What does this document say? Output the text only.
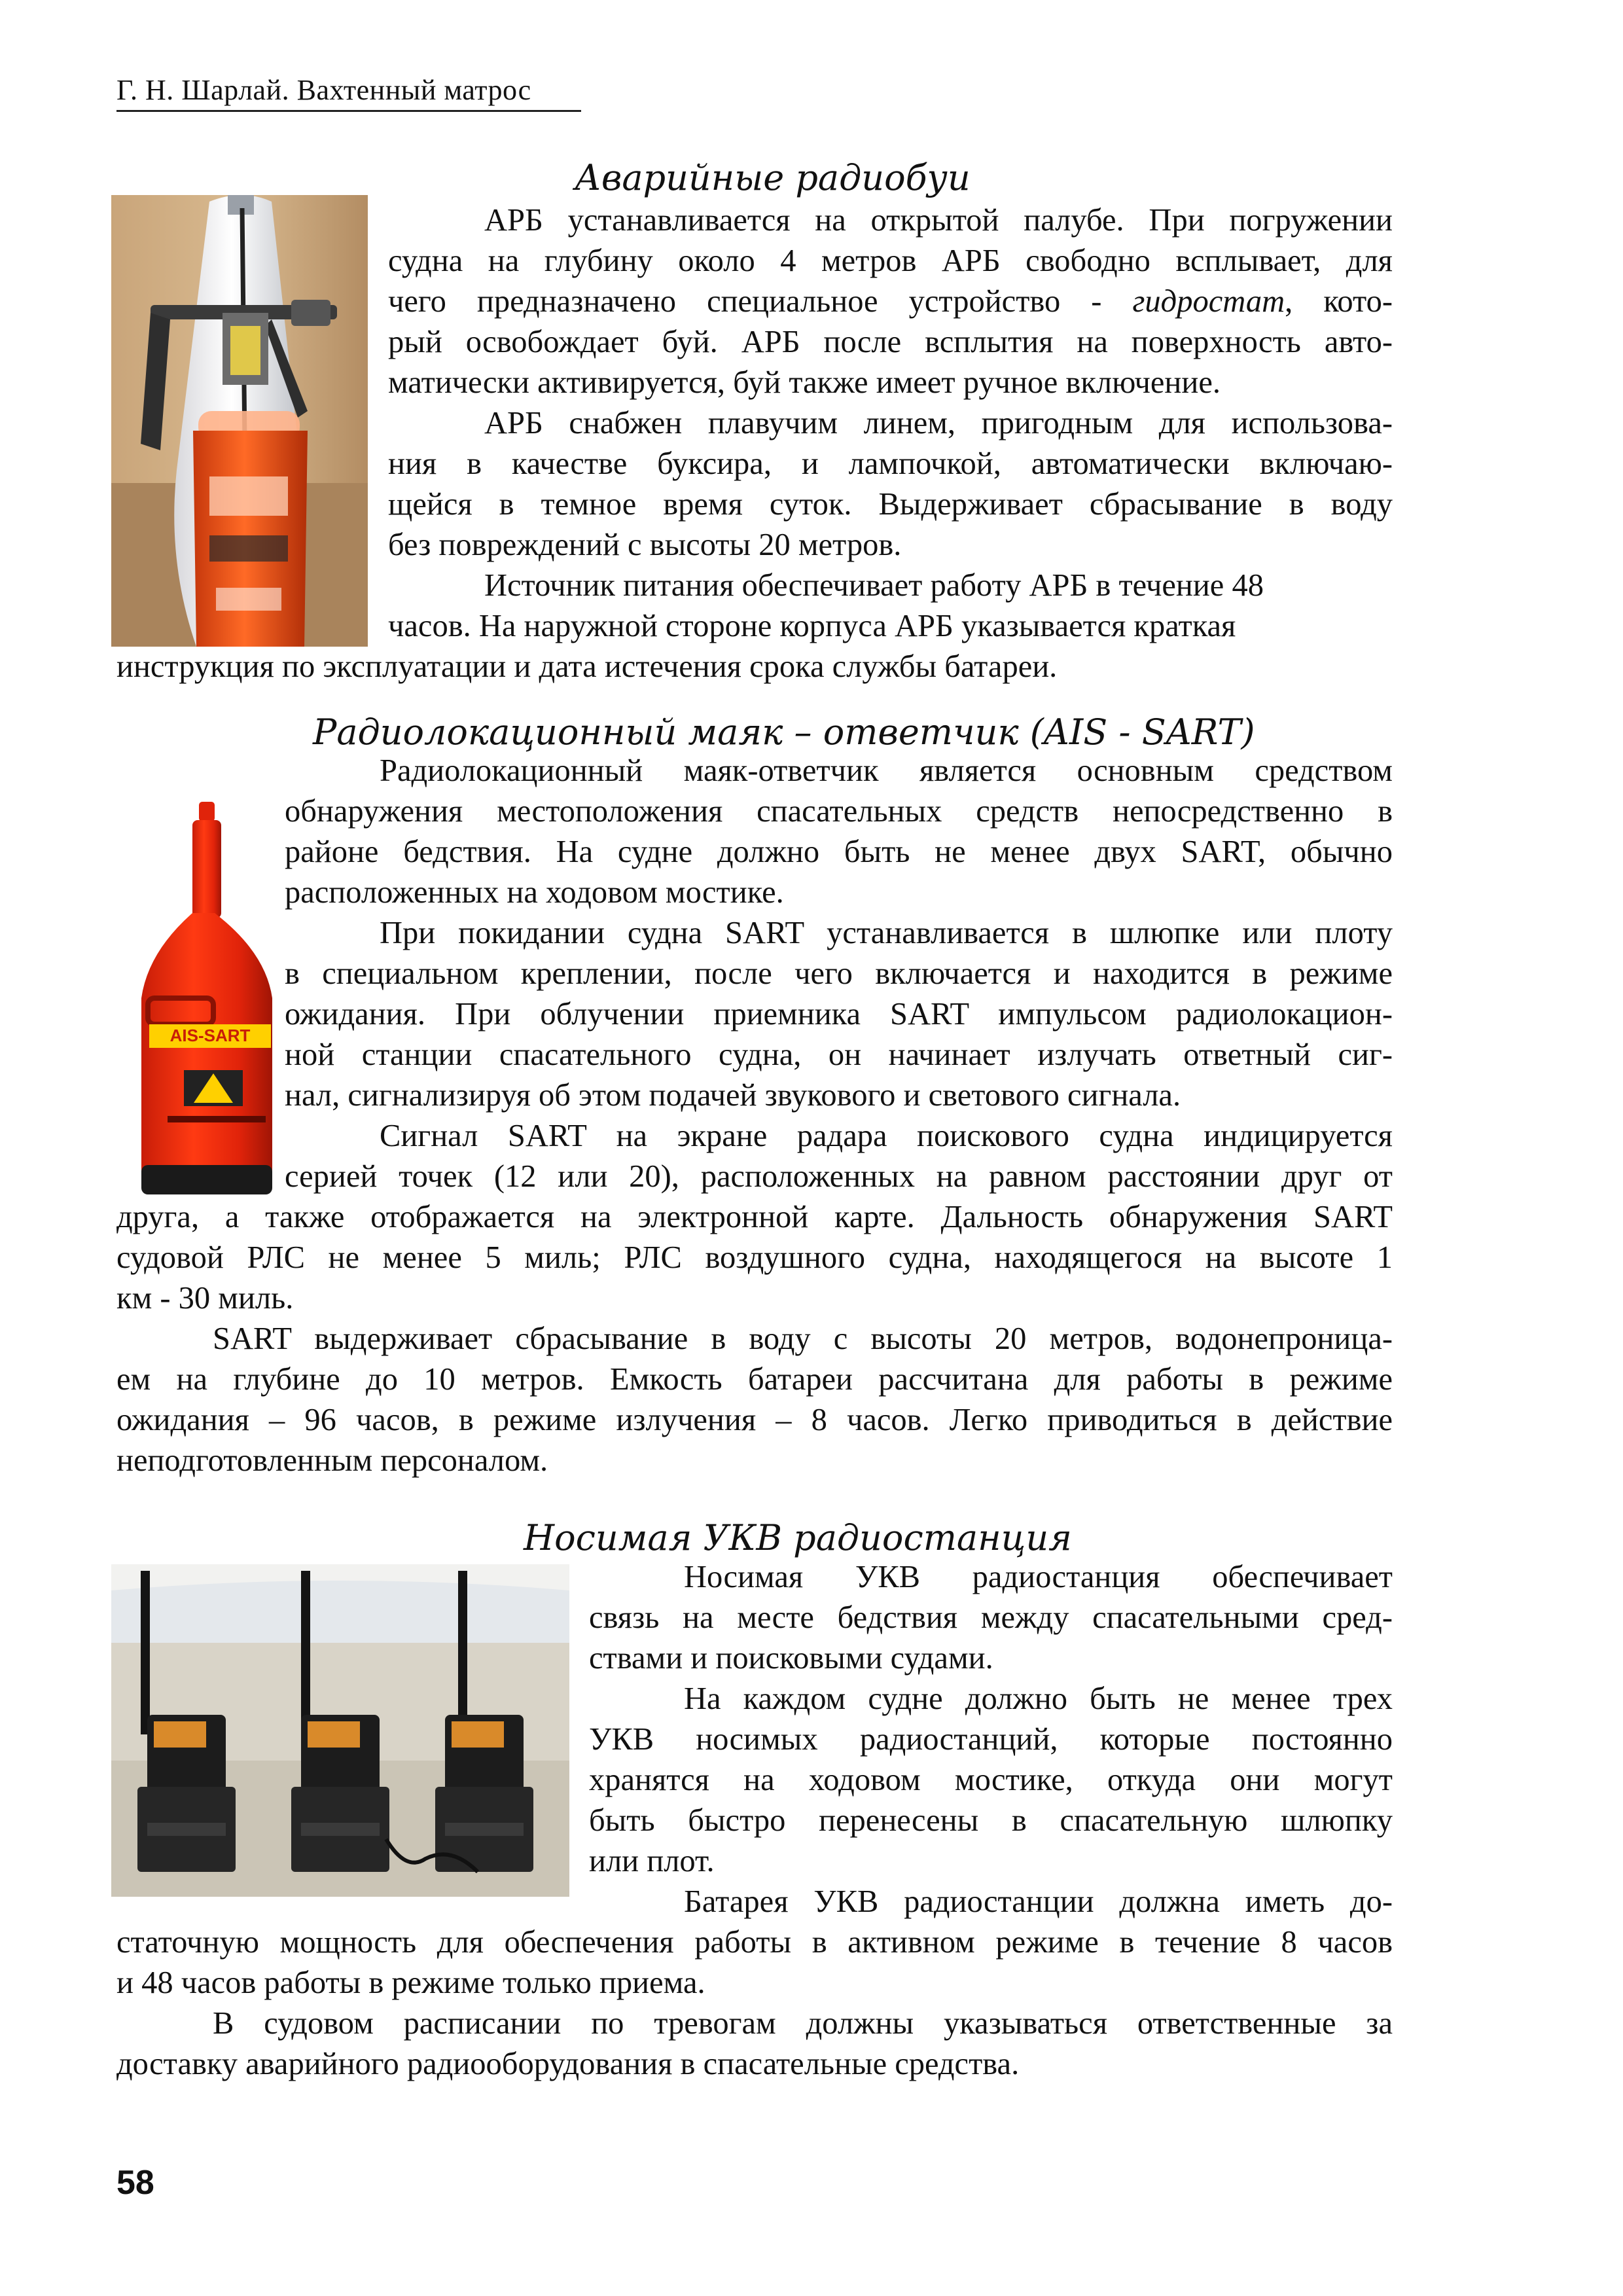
Г. Н. Шарлай. Вахтенный матрос
Аварийные радиобуи
АРБ устанавливается на открытой палубе. При погружении
судна на глубину около 4 метров АРБ свободно всплывает, для
чего предназначено специальное устройство - гидростат, кото-
рый освобождает буй. АРБ после всплытия на поверхность авто-
матически активируется, буй также имеет ручное включение.
АРБ снабжен плавучим линем, пригодным для использова-
ния в качестве буксира, и лампочкой, автоматически включаю-
щейся в темное время суток. Выдерживает сбрасывание в воду
без повреждений с высоты 20 метров.
Источник питания обеспечивает работу АРБ в течение 48
часов. На наружной стороне корпуса АРБ указывается краткая
инструкция по эксплуатации и дата истечения срока службы батареи.
AIS-SART
Радиолокационный маяк – ответчик (AIS - SART)
Радиолокационный маяк-ответчик является основным средством
обнаружения местоположения спасательных средств непосредственно в
районе бедствия. На судне должно быть не менее двух SART, обычно
расположенных на ходовом мостике.
При покидании судна SART устанавливается в шлюпке или плоту
в специальном креплении, после чего включается и находится в режиме
ожидания. При облучении приемника SART импульсом радиолокацион-
ной станции спасательного судна, он начинает излучать ответный сиг-
нал, сигнализируя об этом подачей звукового и светового сигнала.
Сигнал SART на экране радара поискового судна индицируется
серией точек (12 или 20), расположенных на равном расстоянии друг от
друга, а также отображается на электронной карте. Дальность обнаружения SART
судовой РЛС не менее 5 миль; РЛС воздушного судна, находящегося на высоте 1
км - 30 миль.
SART выдерживает сбрасывание в воду с высоты 20 метров, водонепроница-
ем на глубине до 10 метров. Емкость батареи рассчитана для работы в режиме
ожидания – 96 часов, в режиме излучения – 8 часов. Легко приводиться в действие
неподготовленным персоналом.
Носимая УКВ радиостанция
Носимая УКВ радиостанция обеспечивает
связь на месте бедствия между спасательными сред-
ствами и поисковыми судами.
На каждом судне должно быть не менее трех
УКВ носимых радиостанций, которые постоянно
хранятся на ходовом мостике, откуда они могут
быть быстро перенесены в спасательную шлюпку
или плот.
Батарея УКВ радиостанции должна иметь до-
статочную мощность для обеспечения работы в активном режиме в течение 8 часов
и 48 часов работы в режиме только приема.
В судовом расписании по тревогам должны указываться ответственные за
доставку аварийного радиооборудования в спасательные средства.
58
